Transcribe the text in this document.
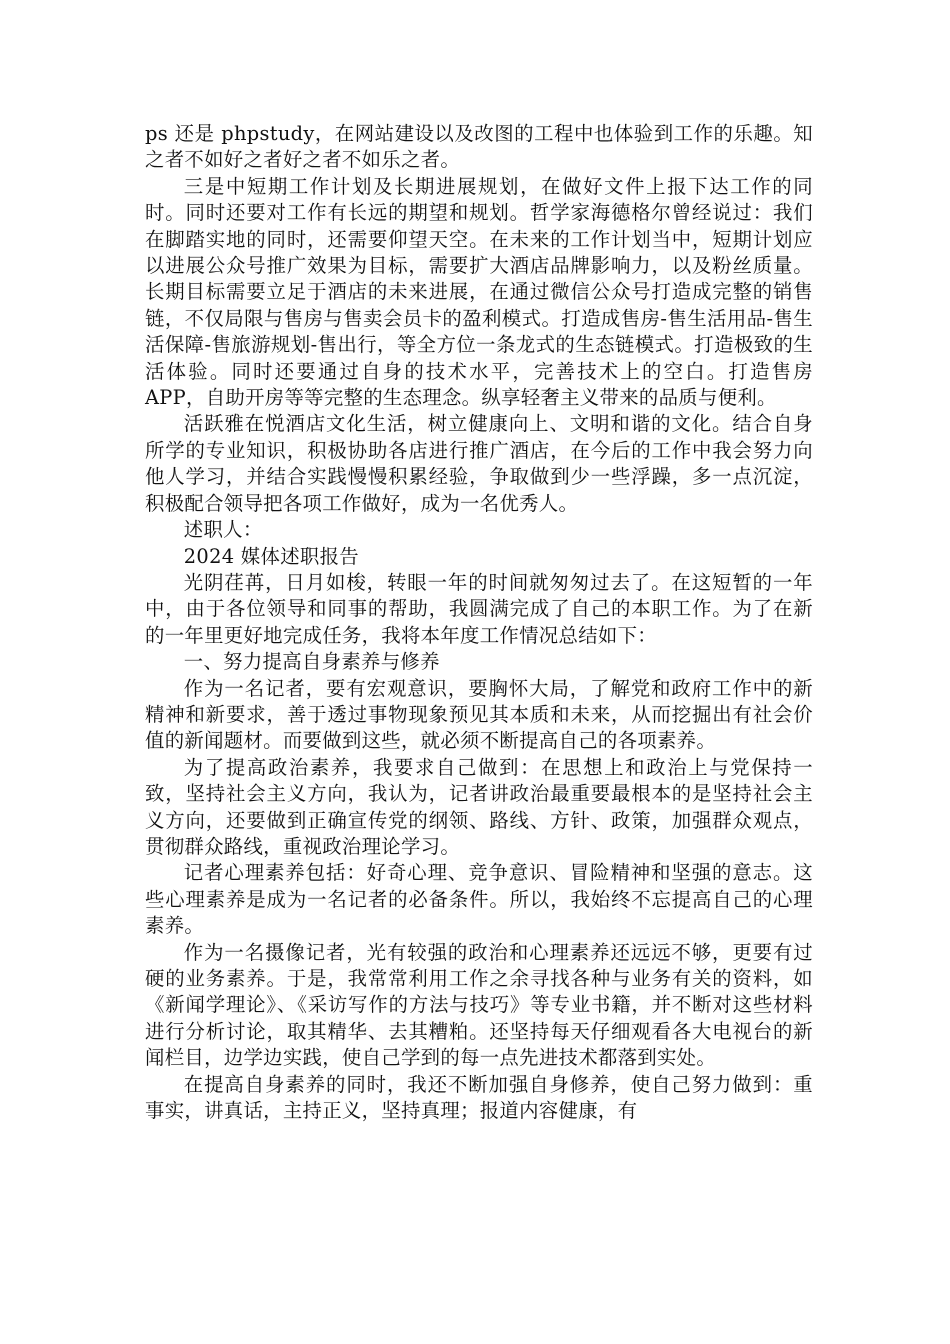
ps 还是 phpstudy，在网站建设以及改图的工程中也体验到工作的乐趣。知之者不如好之者好之者不如乐之者。

三是中短期工作计划及长期进展规划，在做好文件上报下达工作的同时。同时还要对工作有长远的期望和规划。哲学家海德格尔曾经说过：我们在脚踏实地的同时，还需要仰望天空。在未来的工作计划当中，短期计划应以进展公众号推广效果为目标，需要扩大酒店品牌影响力，以及粉丝质量。长期目标需要立足于酒店的未来进展，在通过微信公众号打造成完整的销售链，不仅局限与售房与售卖会员卡的盈利模式。打造成售房-售生活用品-售生活保障-售旅游规划-售出行，等全方位一条龙式的生态链模式。打造极致的生活体验。同时还要通过自身的技术水平，完善技术上的空白。打造售房 APP，自助开房等等完整的生态理念。纵享轻奢主义带来的品质与便利。

活跃雅在悦酒店文化生活，树立健康向上、文明和谐的文化。结合自身所学的专业知识，积极协助各店进行推广酒店，在今后的工作中我会努力向他人学习，并结合实践慢慢积累经验，争取做到少一些浮躁，多一点沉淀，积极配合领导把各项工作做好，成为一名优秀人。

述职人：

2024 媒体述职报告

光阴荏苒，日月如梭，转眼一年的时间就匆匆过去了。在这短暂的一年中，由于各位领导和同事的帮助，我圆满完成了自己的本职工作。为了在新的一年里更好地完成任务，我将本年度工作情况总结如下：

一、努力提高自身素养与修养

作为一名记者，要有宏观意识，要胸怀大局，了解党和政府工作中的新精神和新要求，善于透过事物现象预见其本质和未来，从而挖掘出有社会价值的新闻题材。而要做到这些，就必须不断提高自己的各项素养。

为了提高政治素养，我要求自己做到：在思想上和政治上与党保持一致，坚持社会主义方向，我认为，记者讲政治最重要最根本的是坚持社会主义方向，还要做到正确宣传党的纲领、路线、方针、政策，加强群众观点，贯彻群众路线，重视政治理论学习。

记者心理素养包括：好奇心理、竞争意识、冒险精神和坚强的意志。这些心理素养是成为一名记者的必备条件。所以，我始终不忘提高自己的心理素养。

作为一名摄像记者，光有较强的政治和心理素养还远远不够，更要有过硬的业务素养。于是，我常常利用工作之余寻找各种与业务有关的资料，如《新闻学理论》、《采访写作的方法与技巧》等专业书籍，并不断对这些材料进行分析讨论，取其精华、去其糟粕。还坚持每天仔细观看各大电视台的新闻栏目，边学边实践，使自己学到的每一点先进技术都落到实处。

在提高自身素养的同时，我还不断加强自身修养，使自己努力做到：重事实，讲真话，主持正义，坚持真理；报道内容健康，有
